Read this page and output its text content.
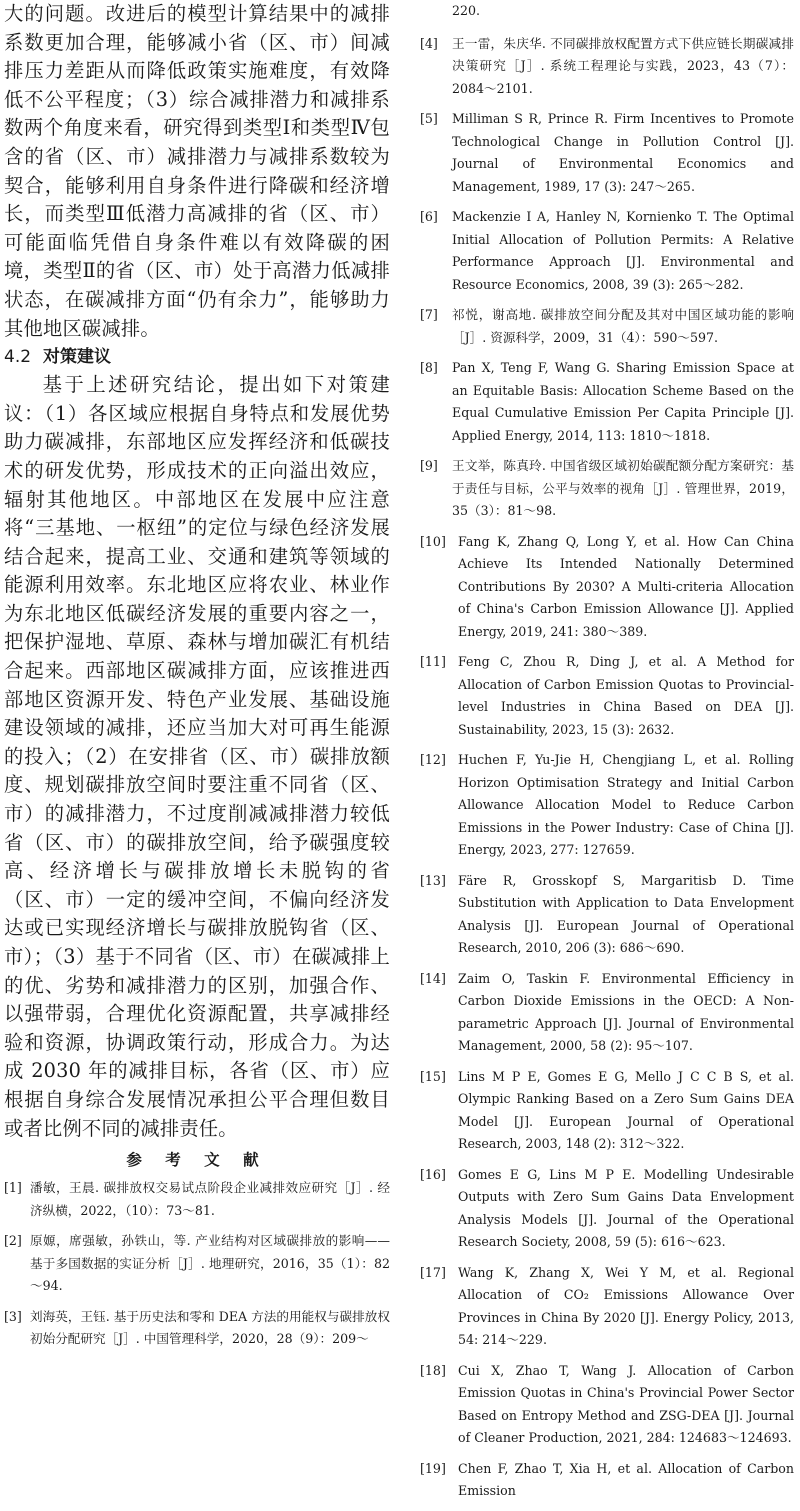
大的问题。改进后的模型计算结果中的减排系数更加合理，能够减小省（区、市）间减排压力差距从而降低政策实施难度，有效降低不公平程度；（3）综合减排潜力和减排系数两个角度来看，研究得到类型Ⅰ和类型Ⅳ包含的省（区、市）减排潜力与减排系数较为契合，能够利用自身条件进行降碳和经济增长，而类型Ⅲ低潜力高减排的省（区、市）可能面临凭借自身条件难以有效降碳的困境，类型Ⅱ的省（区、市）处于高潜力低减排状态，在碳减排方面“仍有余力”，能够助力其他地区碳减排。

4.2 对策建议

基于上述研究结论，提出如下对策建议：（1）各区域应根据自身特点和发展优势助力碳减排，东部地区应发挥经济和低碳技术的研发优势，形成技术的正向溢出效应，辐射其他地区。中部地区在发展中应注意将“三基地、一枢纽”的定位与绿色经济发展结合起来，提高工业、交通和建筑等领域的能源利用效率。东北地区应将农业、林业作为东北地区低碳经济发展的重要内容之一，把保护湿地、草原、森林与增加碳汇有机结合起来。西部地区碳减排方面，应该推进西部地区资源开发、特色产业发展、基础设施建设领域的减排，还应当加大对可再生能源的投入；（2）在安排省（区、市）碳排放额度、规划碳排放空间时要注重不同省（区、市）的减排潜力，不过度削减减排潜力较低省（区、市）的碳排放空间，给予碳强度较高、经济增长与碳排放增长未脱钩的省（区、市）一定的缓冲空间，不偏向经济发达或已实现经济增长与碳排放脱钩省（区、市）；（3）基于不同省（区、市）在碳减排上的优、劣势和减排潜力的区别，加强合作、以强带弱，合理优化资源配置，共享减排经验和资源，协调政策行动，形成合力。为达成 2030 年的减排目标，各省（区、市）应根据自身综合发展情况承担公平合理但数目或者比例不同的减排责任。

参 考 文 献
[1] 潘敏，王晨. 碳排放权交易试点阶段企业减排效应研究［J］. 经济纵横，2022，（10）：73～81.
[2] 原嫄，席强敏，孙铁山，等. 产业结构对区域碳排放的影响——基于多国数据的实证分析［J］. 地理研究，2016，35（1）：82～94.
[3] 刘海英，王钰. 基于历史法和零和 DEA 方法的用能权与碳排放权初始分配研究［J］. 中国管理科学，2020，28（9）：209～
220.
[4]	王一雷，朱庆华. 不同碳排放权配置方式下供应链长期碳减排决策研究［J］. 系统工程理论与实践，2023，43（7）：2084～2101.
[5]	Milliman S R, Prince R. Firm Incentives to Promote Technological Change in Pollution Control [J]. Journal of Environmental Economics and Management, 1989, 17 (3): 247～265.
[6]	Mackenzie I A, Hanley N, Kornienko T. The Optimal Initial Allocation of Pollution Permits: A Relative Performance Approach [J]. Environmental and Resource Economics, 2008, 39 (3): 265～282.
[7]	祁悦，谢高地. 碳排放空间分配及其对中国区域功能的影响［J］. 资源科学，2009，31（4）：590～597.
[8]	Pan X, Teng F, Wang G. Sharing Emission Space at an Equitable Basis: Allocation Scheme Based on the Equal Cumulative Emission Per Capita Principle [J]. Applied Energy, 2014, 113: 1810～1818.
[9]	王文举，陈真玲. 中国省级区域初始碳配额分配方案研究：基于责任与目标，公平与效率的视角［J］. 管理世界，2019，35（3）：81～98.
[10] Fang K, Zhang Q, Long Y, et al. How Can China Achieve Its Intended Nationally Determined Contributions By 2030? A Multi-criteria Allocation of China's Carbon Emission Allowance [J]. Applied Energy, 2019, 241: 380～389.
[11] Feng C, Zhou R, Ding J, et al. A Method for Allocation of Carbon Emission Quotas to Provincial-level Industries in China Based on DEA [J]. Sustainability, 2023, 15 (3): 2632.
[12] Huchen F, Yu-Jie H, Chengjiang L, et al. Rolling Horizon Optimisation Strategy and Initial Carbon Allowance Allocation Model to Reduce Carbon Emissions in the Power Industry: Case of China [J]. Energy, 2023, 277: 127659.
[13] Färe R, Grosskopf S, Margaritisb D. Time Substitution with Application to Data Envelopment Analysis [J]. European Journal of Operational Research, 2010, 206 (3): 686～690.
[14] Zaim O, Taskin F. Environmental Efficiency in Carbon Dioxide Emissions in the OECD: A Non-parametric Approach [J]. Journal of Environmental Management, 2000, 58 (2): 95～107.
[15] Lins M P E, Gomes E G, Mello J C C B S, et al. Olympic Ranking Based on a Zero Sum Gains DEA Model [J]. European Journal of Operational Research, 2003, 148 (2): 312～322.
[16] Gomes E G, Lins M P E. Modelling Undesirable Outputs with Zero Sum Gains Data Envelopment Analysis Models [J]. Journal of the Operational Research Society, 2008, 59 (5): 616～623.
[17] Wang K, Zhang X, Wei Y M, et al. Regional Allocation of CO₂ Emissions Allowance Over Provinces in China By 2020 [J]. Energy Policy, 2013, 54: 214～229.
[18] Cui X, Zhao T, Wang J. Allocation of Carbon Emission Quotas in China's Provincial Power Sector Based on Entropy Method and ZSG-DEA [J]. Journal of Cleaner Production, 2021, 284: 124683～124693.
[19] Chen F, Zhao T, Xia H, et al. Allocation of Carbon Emission
